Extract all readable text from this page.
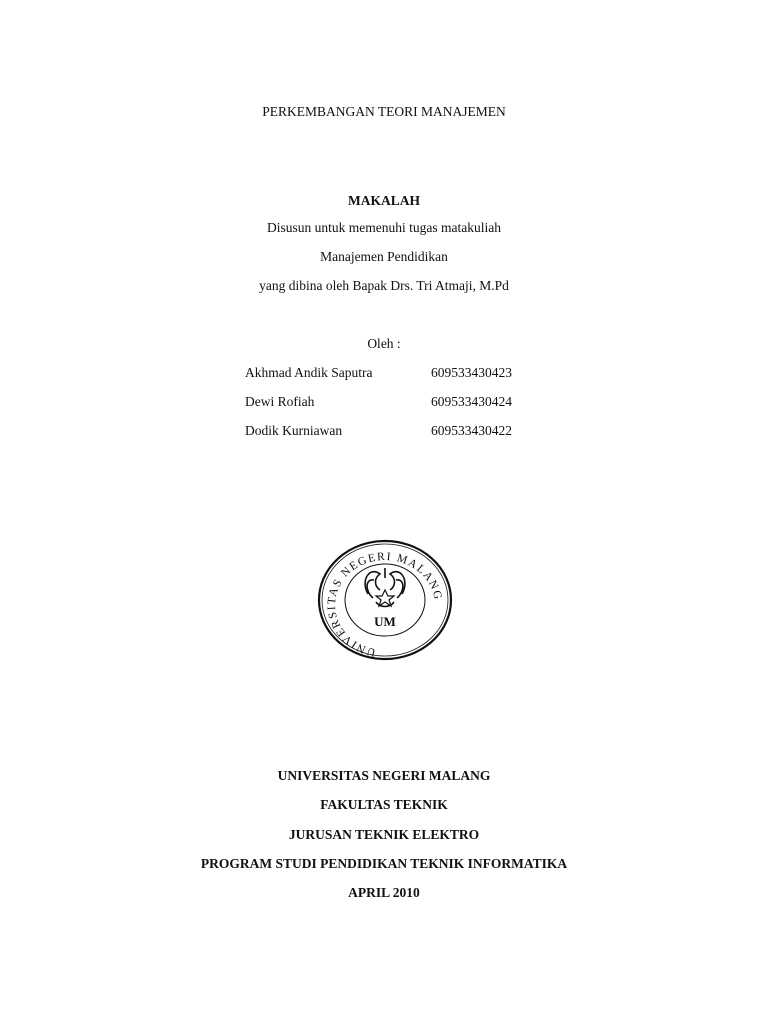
PERKEMBANGAN TEORI MANAJEMEN
MAKALAH
Disusun untuk memenuhi tugas matakuliah
Manajemen Pendidikan
yang dibina oleh Bapak Drs. Tri Atmaji, M.Pd
Oleh :
Akhmad Andik Saputra	609533430423
Dewi Rofiah	609533430424
Dodik Kurniawan	609533430422
UNIVERSITAS NEGERI MALANG
UM
UNIVERSITAS NEGERI MALANG
FAKULTAS TEKNIK
JURUSAN TEKNIK ELEKTRO
PROGRAM STUDI PENDIDIKAN TEKNIK INFORMATIKA
APRIL 2010
